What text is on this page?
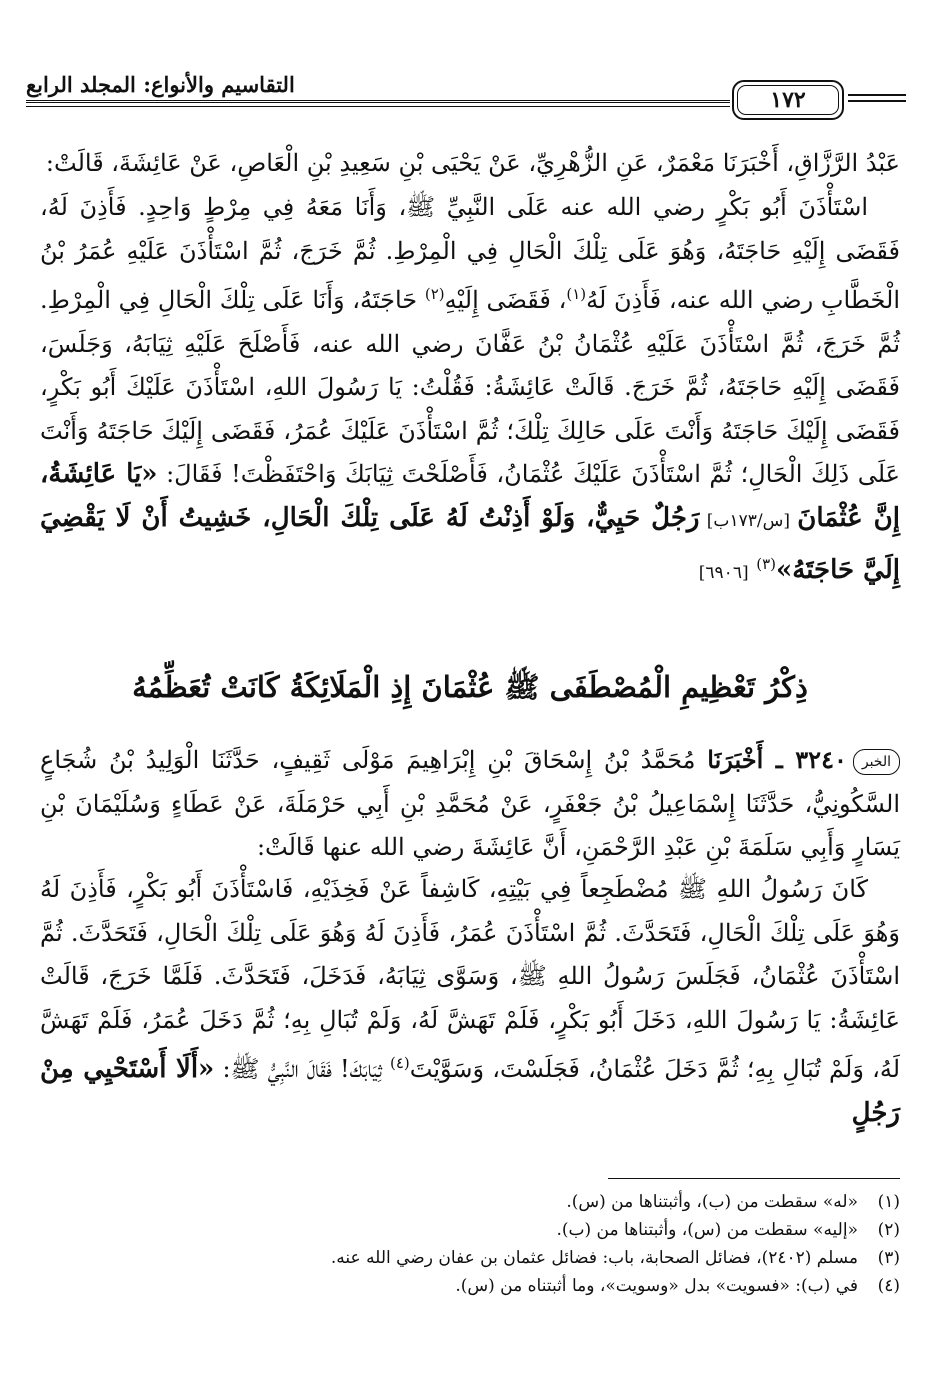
التقاسيم والأنواع: المجلد الرابع
١٧٢
عَبْدُ الرَّزَّاقِ، أَخْبَرَنَا مَعْمَرٌ، عَنِ الزُّهْرِيِّ، عَنْ يَحْيَى بْنِ سَعِيدِ بْنِ الْعَاصِ، عَنْ عَائِشَةَ، قَالَتْ:
اسْتَأْذَنَ أَبُو بَكْرٍ رضي الله عنه عَلَى النَّبِيِّ ﷺ، وَأَنَا مَعَهُ فِي مِرْطٍ وَاحِدٍ. فَأَذِنَ لَهُ، فَقَضَى إِلَيْهِ حَاجَتَهُ، وَهُوَ عَلَى تِلْكَ الْحَالِ فِي الْمِرْطِ. ثُمَّ خَرَجَ، ثُمَّ اسْتَأْذَنَ عَلَيْهِ عُمَرُ بْنُ الْخَطَّابِ رضي الله عنه، فَأَذِنَ لَهُ$^{(١)}$، فَقَضَى إِلَيْهِ$^{(٢)}$ حَاجَتَهُ، وَأَنَا عَلَى تِلْكَ الْحَالِ فِي الْمِرْطِ. ثُمَّ خَرَجَ، ثُمَّ اسْتَأْذَنَ عَلَيْهِ عُثْمَانُ بْنُ عَفَّانَ رضي الله عنه، فَأَصْلَحَ عَلَيْهِ ثِيَابَهُ، وَجَلَسَ، فَقَضَى إِلَيْهِ حَاجَتَهُ، ثُمَّ خَرَجَ. قَالَتْ عَائِشَةُ: فَقُلْتُ: يَا رَسُولَ اللهِ، اسْتَأْذَنَ عَلَيْكَ أَبُو بَكْرٍ، فَقَضَى إِلَيْكَ حَاجَتَهُ وَأَنْتَ عَلَى حَالِكَ تِلْكَ؛ ثُمَّ اسْتَأْذَنَ عَلَيْكَ عُمَرُ، فَقَضَى إِلَيْكَ حَاجَتَهُ وَأَنْتَ عَلَى ذَلِكَ الْحَالِ؛ ثُمَّ اسْتَأْذَنَ عَلَيْكَ عُثْمَانُ، فَأَصْلَحْتَ ثِيَابَكَ وَاحْتَفَظْتَ! فَقَالَ: «يَا عَائِشَةُ، إِنَّ عُثْمَانَ [س/١٧٣ب] رَجُلٌ حَيِيٌّ، وَلَوْ أَذِنْتُ لَهُ عَلَى تِلْكَ الْحَالِ، خَشِيتُ أَنْ لَا يَقْضِيَ إِلَيَّ حَاجَتَهُ»$^{(٣)}$ [٦٩٠٦]
ذِكْرُ تَعْظِيمِ الْمُصْطَفَى ﷺ عُثْمَانَ إِذِ الْمَلَائِكَةُ كَانَتْ تُعَظِّمُهُ
الخبر٣٢٤٠ ـ أَخْبَرَنَا مُحَمَّدُ بْنُ إِسْحَاقَ بْنِ إِبْرَاهِيمَ مَوْلَى ثَقِيفٍ، حَدَّثَنَا الْوَلِيدُ بْنُ شُجَاعٍ السَّكُونِيُّ، حَدَّثَنَا إِسْمَاعِيلُ بْنُ جَعْفَرٍ، عَنْ مُحَمَّدِ بْنِ أَبِي حَرْمَلَةَ، عَنْ عَطَاءٍ وَسُلَيْمَانَ بْنِ يَسَارٍ وَأَبِي سَلَمَةَ بْنِ عَبْدِ الرَّحْمَنِ، أَنَّ عَائِشَةَ رضي الله عنها قَالَتْ:
كَانَ رَسُولُ اللهِ ﷺ مُضْطَجِعاً فِي بَيْتِهِ، كَاشِفاً عَنْ فَخِذَيْهِ، فَاسْتَأْذَنَ أَبُو بَكْرٍ، فَأَذِنَ لَهُ وَهُوَ عَلَى تِلْكَ الْحَالِ، فَتَحَدَّثَ. ثُمَّ اسْتَأْذَنَ عُمَرُ، فَأَذِنَ لَهُ وَهُوَ عَلَى تِلْكَ الْحَالِ، فَتَحَدَّثَ. ثُمَّ اسْتَأْذَنَ عُثْمَانُ، فَجَلَسَ رَسُولُ اللهِ ﷺ، وَسَوَّى ثِيَابَهُ، فَدَخَلَ، فَتَحَدَّثَ. فَلَمَّا خَرَجَ، قَالَتْ عَائِشَةُ: يَا رَسُولَ اللهِ، دَخَلَ أَبُو بَكْرٍ، فَلَمْ تَهَشَّ لَهُ، وَلَمْ تُبَالِ بِهِ؛ ثُمَّ دَخَلَ عُمَرُ، فَلَمْ تَهَشَّ لَهُ، وَلَمْ تُبَالِ بِهِ؛ ثُمَّ دَخَلَ عُثْمَانُ، فَجَلَسْتَ، وَسَوَّيْتَ$^{(٤)}$ ثِيَابَكَ! فَقَالَ النَّبِيُّ ﷺ: «أَلَا أَسْتَحْيِي مِنْ رَجُلٍ
(١)
«له» سقطت من (ب)، وأثبتناها من (س).
(٢)
«إليه» سقطت من (س)، وأثبتناها من (ب).
(٣)
مسلم (٢٤٠٢)، فضائل الصحابة، باب: فضائل عثمان بن عفان رضي الله عنه.
(٤)
في (ب): «فسويت» بدل «وسويت»، وما أثبتناه من (س).
